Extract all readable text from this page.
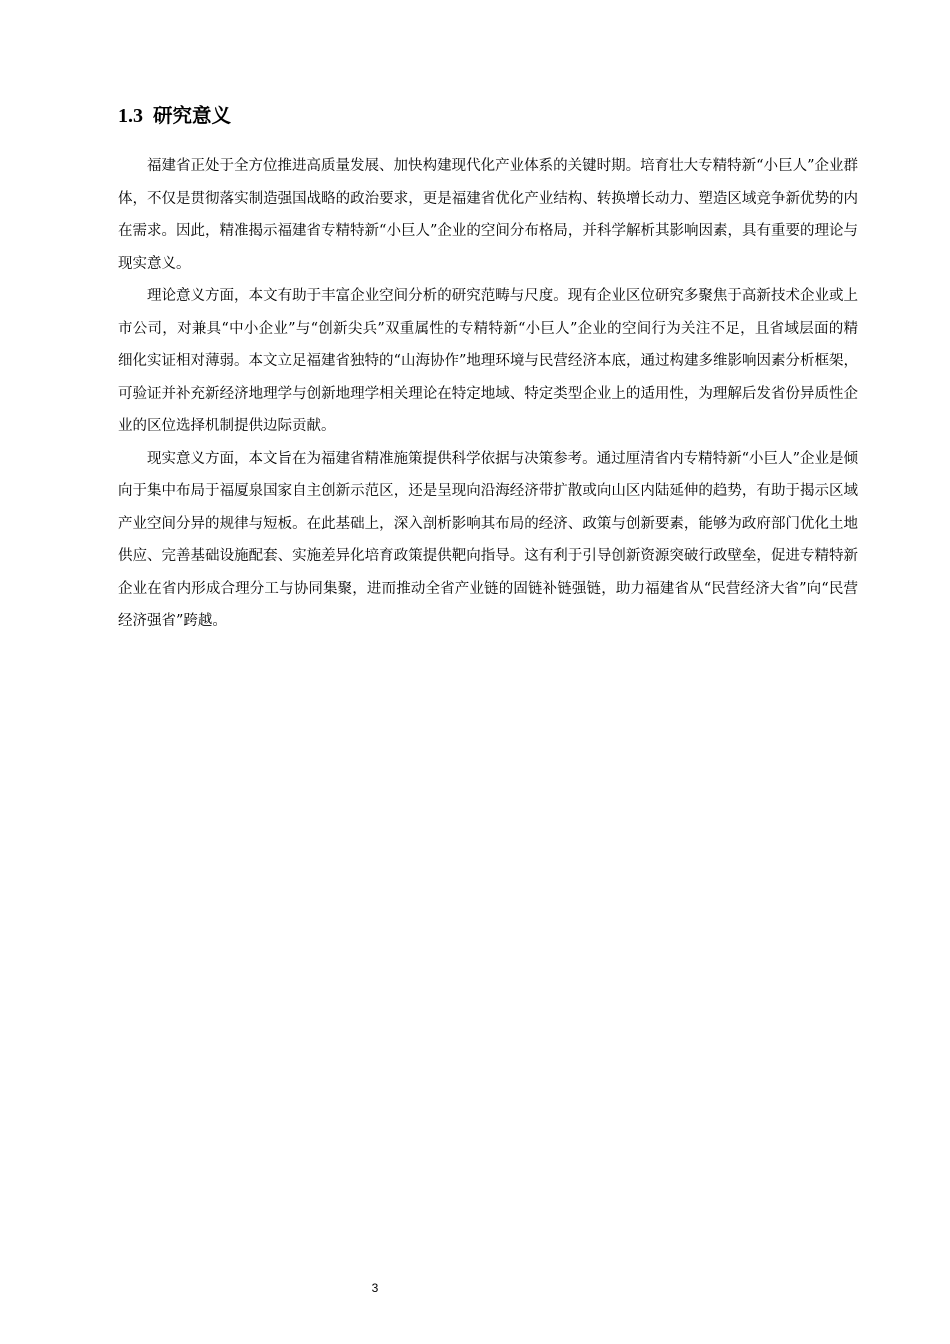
1.3 研究意义

福建省正处于全方位推进高质量发展、加快构建现代化产业体系的关键时期。培育壮大专精特新“小巨人”企业群体，不仅是贯彻落实制造强国战略的政治要求，更是福建省优化产业结构、转换增长动力、塑造区域竞争新优势的内在需求。因此，精准揭示福建省专精特新“小巨人”企业的空间分布格局，并科学解析其影响因素，具有重要的理论与现实意义。

理论意义方面，本文有助于丰富企业空间分析的研究范畴与尺度。现有企业区位研究多聚焦于高新技术企业或上市公司，对兼具“中小企业”与“创新尖兵”双重属性的专精特新“小巨人”企业的空间行为关注不足，且省域层面的精细化实证相对薄弱。本文立足福建省独特的“山海协作”地理环境与民营经济本底，通过构建多维影响因素分析框架，可验证并补充新经济地理学与创新地理学相关理论在特定地域、特定类型企业上的适用性，为理解后发省份异质性企业的区位选择机制提供边际贡献。

现实意义方面，本文旨在为福建省精准施策提供科学依据与决策参考。通过厘清省内专精特新“小巨人”企业是倾向于集中布局于福厦泉国家自主创新示范区，还是呈现向沿海经济带扩散或向山区内陆延伸的趋势，有助于揭示区域产业空间分异的规律与短板。在此基础上，深入剖析影响其布局的经济、政策与创新要素，能够为政府部门优化土地供应、完善基础设施配套、实施差异化培育政策提供靶向指导。这有利于引导创新资源突破行政壁垒，促进专精特新企业在省内形成合理分工与协同集聚，进而推动全省产业链的固链补链强链，助力福建省从“民营经济大省”向“民营经济强省”跨越。

3
